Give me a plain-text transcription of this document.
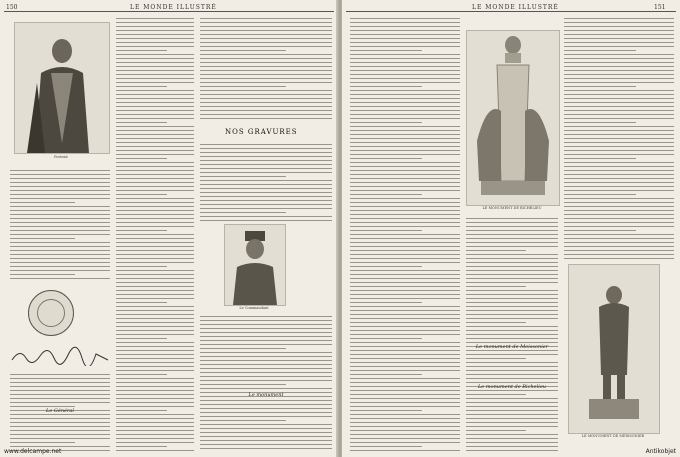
150	LE MONDE ILLUSTRÉ
Portrait
Le Général
NOS GRAVURES
Le Commandant
Le monument
LE MONDE ILLUSTRÉ	151
LE MONUMENT DE RICHELIEU
Le monument de Meissonier
Le monument de Richelieu
LE MONUMENT DE MEISSONIER
www.delcampe.net	Antikobjet
